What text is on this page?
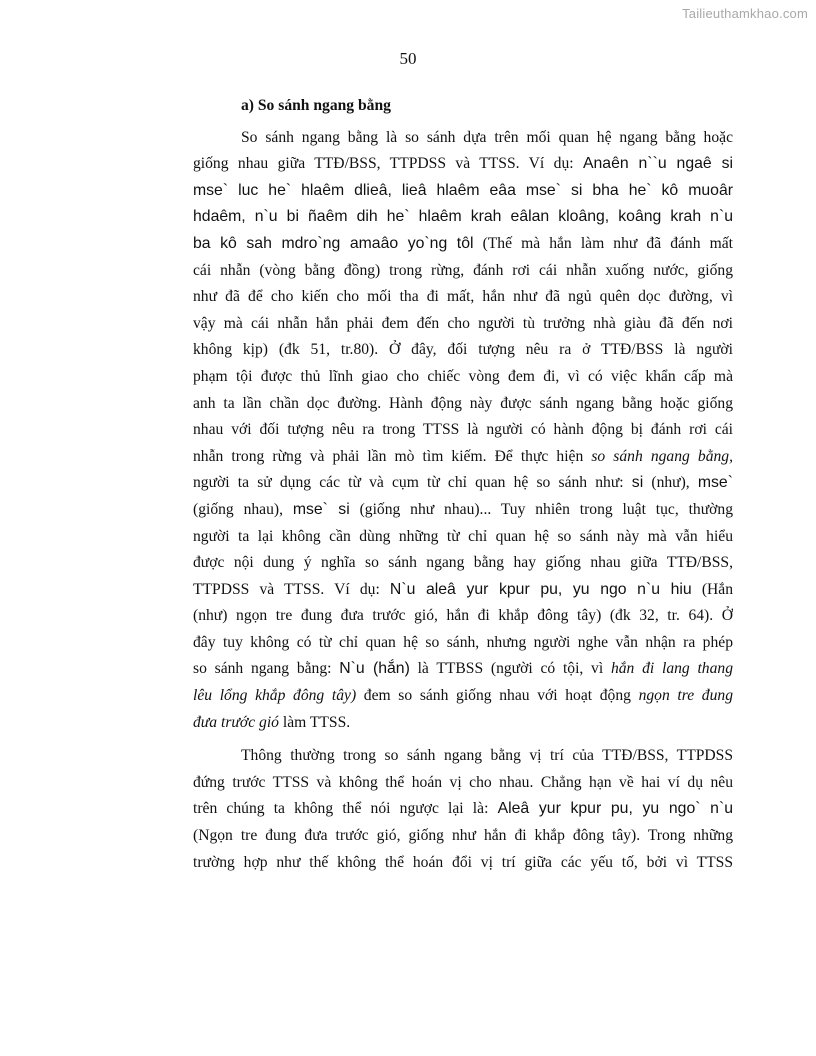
Tailieuthamkhao.com
50
a) So sánh ngang bằng
So sánh ngang bằng là so sánh dựa trên mối quan hệ ngang bằng hoặc
giống nhau giữa TTĐ/BSS, TTPDSS và TTSS. Ví dụ: Anaên n``u ngaê si
mse` luc he` hlaêm dlieâ, lieâ hlaêm eâa mse` si bha he` kô muoâr
hdaêm, n`u bi ñaêm dih he` hlaêm krah eâlan kloâng, koâng krah n`u
ba kô sah mdro`ng amaâo yo`ng tôl (Thế mà hắn làm như đã đánh mất
cái nhẫn (vòng bằng đồng) trong rừng, đánh rơi cái nhẫn xuống nước, giống
như đã để cho kiến cho mối tha đi mất, hắn như đã ngủ quên dọc đường, vì
vậy mà cái nhẫn hắn phải đem đến cho người tù trưởng nhà giàu đã đến nơi
không kịp) (đk 51, tr.80). Ở đây, đối tượng nêu ra ở TTĐ/BSS là người
phạm tội được thủ lĩnh giao cho chiếc vòng đem đi, vì có việc khẩn cấp mà
anh ta lần chần dọc đường. Hành động này được sánh ngang bằng hoặc giống
nhau với đối tượng nêu ra trong TTSS là người có hành động bị đánh rơi cái
nhẫn trong rừng và phải lần mò tìm kiếm. Để thực hiện so sánh ngang bằng,
người ta sử dụng các từ và cụm từ chỉ quan hệ so sánh như: si (như), mse`
(giống nhau), mse` si (giống như nhau)... Tuy nhiên trong luật tục, thường
người ta lại không cần dùng những từ chỉ quan hệ so sánh này mà vẫn hiểu
được nội dung ý nghĩa so sánh ngang bằng hay giống nhau giữa TTĐ/BSS,
TTPDSS và TTSS. Ví dụ: N`u aleâ yur kpur pu, yu ngo n`u hiu (Hắn
(như) ngọn tre đung đưa trước gió, hắn đi khắp đông tây) (đk 32, tr. 64). Ở
đây tuy không có từ chỉ quan hệ so sánh, nhưng người nghe vẫn nhận ra phép
so sánh ngang bằng: N`u (hắn) là TTBSS (người có tội, vì hắn đi lang thang
lêu lổng khắp đông tây) đem so sánh giống nhau với hoạt động ngọn tre đung
đưa trước gió làm TTSS.
Thông thường trong so sánh ngang bằng vị trí của TTĐ/BSS, TTPDSS
đứng trước TTSS và không thể hoán vị cho nhau. Chẳng hạn về hai ví dụ nêu
trên chúng ta không thể nói ngược lại là: Aleâ yur kpur pu, yu ngo` n`u
(Ngọn tre đung đưa trước gió, giống như hắn đi khắp đông tây). Trong những
trường hợp như thế không thể hoán đổi vị trí giữa các yếu tố, bởi vì TTSS
